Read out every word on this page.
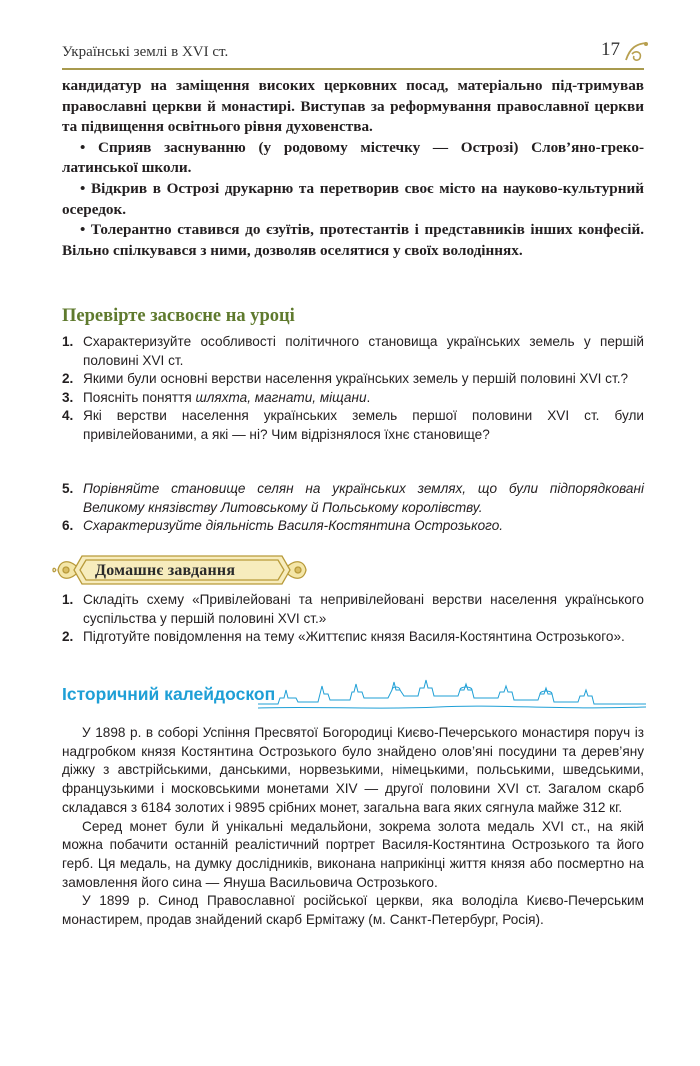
Українські землі в XVI ст.	17

кандидатур на заміщення високих церковних посад, матеріально під-тримував православні церкви й монастирі. Виступав за реформування православної церкви та підвищення освітнього рівня духовенства.

• Сприяв заснуванню (у родовому містечку — Острозі) Слов’яно-греко-латинської школи.

• Відкрив в Острозі друкарню та перетворив своє місто на науково-культурний осередок.

• Толерантно ставився до єзуїтів, протестантів і представників інших конфесій. Вільно спілкувався з ними, дозволяв оселятися у своїх володіннях.

Перевірте засвоєне на уроці
1. Схарактеризуйте особливості політичного становища українських земель у першій половині XVI ст.
2. Якими були основні верстви населення українських земель у першій половині XVI ст.?
3. Поясніть поняття шляхта, магнати, міщани.
4. Які верстви населення українських земель першої половини XVI ст. були привілейованими, а які — ні? Чим відрізнялося їхнє становище?
5. Порівняйте становище селян на українських землях, що були підпорядковані Великому князівству Литовському й Польському королівству.
6. Схарактеризуйте діяльність Василя-Костянтина Острозького.
Домашнє завдання
1. Складіть схему «Привілейовані та непривілейовані верстви населення українського суспільства у першій половині XVI ст.»
2. Підготуйте повідомлення на тему «Життєпис князя Василя-Костянтина Острозького».
Історичний калейдоскоп

У 1898 р. в соборі Успіння Пресвятої Богородиці Києво-Печерського монастиря поруч із надгробком князя Костянтина Острозького було знайдено олов’яні посудини та дерев’яну діжку з австрійськими, данськими, норвезькими, німецькими, польськими, шведськими, французькими і московськими монетами XIV — другої половини XVI ст. Загалом скарб складався з 6184 золотих і 9895 срібних монет, загальна вага яких сягнула майже 312 кг.

Серед монет були й унікальні медальйони, зокрема золота медаль XVI ст., на якій можна побачити останній реалістичний портрет Василя-Костянтина Острозького та його герб. Ця медаль, на думку дослідників, виконана наприкінці життя князя або посмертно на замовлення його сина — Януша Васильовича Острозького.

У 1899 р. Синод Православної російської церкви, яка володіла Києво-Печерським монастирем, продав знайдений скарб Ермітажу (м. Санкт-Петербург, Росія).
